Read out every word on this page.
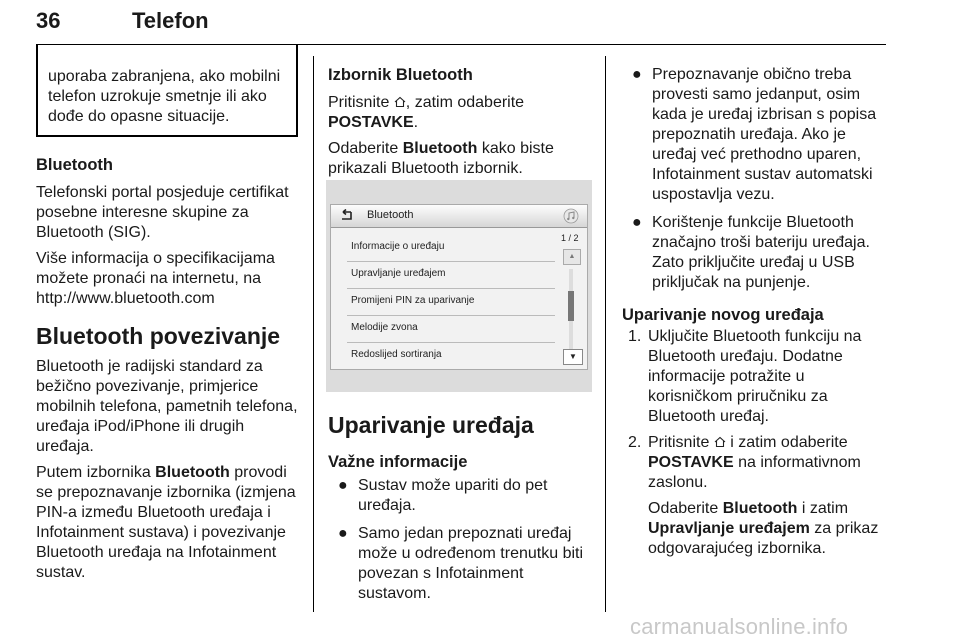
36	Telefon
uporaba zabranjena, ako mobilni telefon uzrokuje smetnje ili ako dođe do opasne situacije.
Bluetooth

Telefonski portal posjeduje certifikat posebne interesne skupine za Bluetooth (SIG).

Više informacija o specifikacijama možete pronaći na internetu, na http://www.bluetooth.com

Bluetooth povezivanje

Bluetooth je radijski standard za bežično povezivanje, primjerice mobilnih telefona, pametnih telefona, uređaja iPod/iPhone ili drugih uređaja.

Putem izbornika Bluetooth provodi se prepoznavanje izbornika (izmjena PIN-a između Bluetooth uređaja i Infotainment sustava) i povezivanje Bluetooth uređaja na Infotainment sustav.

Izbornik Bluetooth

Pritisnite , zatim odaberite
POSTAVKE.

Odaberite Bluetooth kako biste prikazali Bluetooth izbornik.

Bluetooth
Informacije o uređaju
Upravljanje uređajem
Promijeni PIN za uparivanje
Melodije zvona
Redoslijed sortiranja
1 / 2
▲
▼
Uparivanje uređaja
Važne informacije
● Sustav može upariti do pet uređaja.
● Samo jedan prepoznati uređaj može u određenom trenutku biti povezan s Infotainment sustavom.
● Prepoznavanje obično treba provesti samo jedanput, osim kada je uređaj izbrisan s popisa prepoznatih uređaja. Ako je uređaj već prethodno uparen, Infotainment sustav automatski uspostavlja vezu.
● Korištenje funkcije Bluetooth značajno troši bateriju uređaja. Zato priključite uređaj u USB priključak na punjenje.
Uparivanje novog uređaja
1. Uključite Bluetooth funkciju na Bluetooth uređaju. Dodatne informacije potražite u korisničkom priručniku za Bluetooth uređaj.
2. Pritisnite  i zatim odaberite POSTAVKE na informativnom zaslonu.
Odaberite Bluetooth i zatim Upravljanje uređajem za prikaz odgovarajućeg izbornika.
carmanualsonline.info
